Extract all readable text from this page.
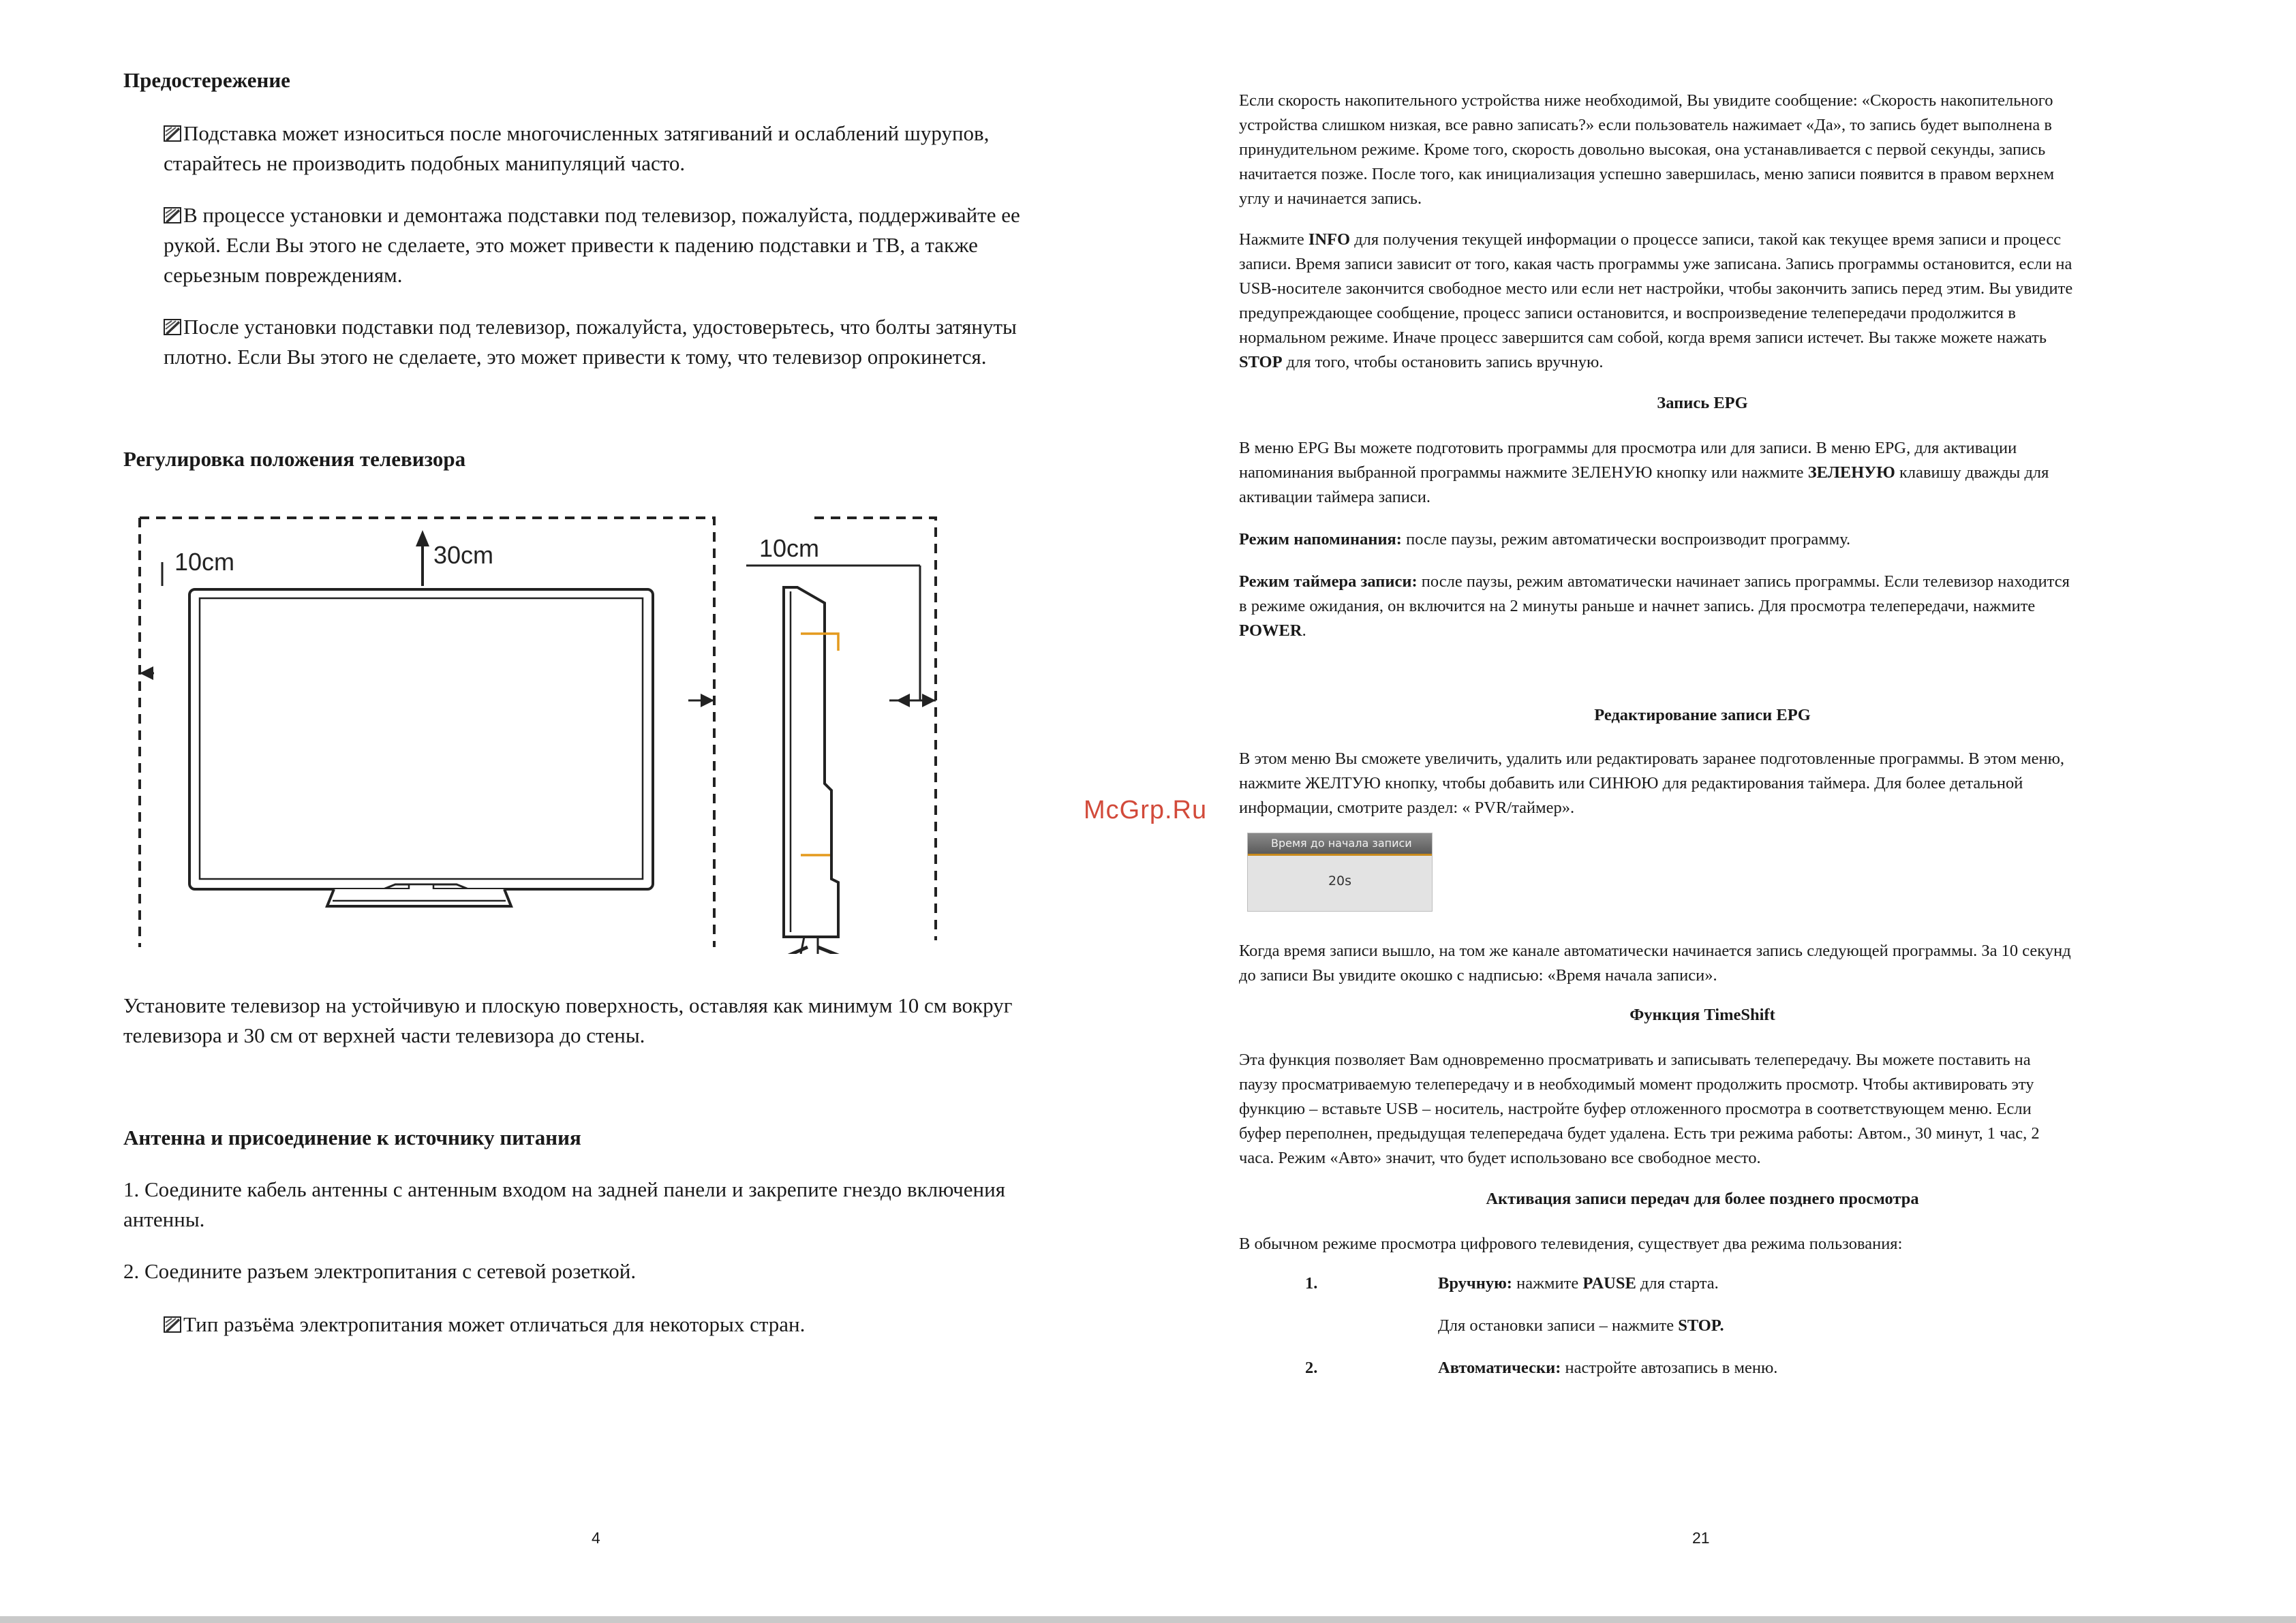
Предостережение
Подставка может износиться после многочисленных затягиваний и ослаблений шурупов,
старайтесь не производить подобных манипуляций часто.
В процессе установки и демонтажа подставки под телевизор, пожалуйста, поддерживайте ее
рукой. Если Вы этого не сделаете, это может привести к падению подставки и ТВ, а также
серьезным повреждениям.
После установки подставки под телевизор, пожалуйста, удостоверьтесь, что болты затянуты
плотно. Если Вы этого не сделаете, это может привести к тому, что телевизор опрокинется.
Регулировка положения телевизора
10cm	30cm	10cm
Установите телевизор на устойчивую и плоскую поверхность, оставляя как минимум 10 см вокруг
телевизора и 30 см от верхней части телевизора до стены.
Антенна и присоединение к источнику питания
1. Соедините кабель антенны с антенным входом на задней панели и закрепите гнездо включения
антенны.
2. Соедините разъем электропитания с сетевой розеткой.
Тип разъёма электропитания может отличаться для некоторых стран.
4
Если скорость накопительного устройства ниже необходимой, Вы увидите сообщение: «Скорость накопительного
устройства слишком низкая, все равно записать?» если пользователь нажимает «Да», то запись будет выполнена в
принудительном режиме. Кроме того, скорость довольно высокая, она устанавливается с первой секунды, запись
начитается позже. После того, как инициализация успешно завершилась, меню записи появится в правом верхнем
углу и начинается запись.
Нажмите INFO для получения текущей информации о процессе записи, такой как текущее время записи и процесс
записи. Время записи зависит от того, какая часть программы уже записана. Запись программы остановится, если на
USB-носителе закончится свободное место или если нет настройки, чтобы закончить запись перед этим. Вы увидите
предупреждающее сообщение, процесс записи остановится, и воспроизведение телепередачи продолжится в
нормальном режиме. Иначе процесс завершится сам собой, когда время записи истечет. Вы также можете нажать
STOP для того, чтобы остановить запись вручную.
Запись EPG
В меню EPG Вы можете подготовить программы для просмотра или для записи. В меню EPG, для активации
напоминания выбранной программы нажмите ЗЕЛЕНУЮ кнопку или нажмите ЗЕЛЕНУЮ клавишу дважды для
активации таймера записи.
Режим напоминания: после паузы, режим автоматически воспроизводит программу.
Режим таймера записи: после паузы, режим автоматически начинает запись программы. Если телевизор находится
в режиме ожидания, он включится на 2 минуты раньше и начнет запись. Для просмотра телепередачи, нажмите
POWER.
Редактирование записи EPG
В этом меню Вы сможете увеличить, удалить или редактировать заранее подготовленные программы. В этом меню,
нажмите ЖЕЛТУЮ кнопку, чтобы добавить или СИНЮЮ для редактирования таймера. Для более детальной
информации, смотрите раздел: « PVR/таймер».
McGrp.Ru
Время до начала записи
20s
Когда время записи вышло, на том же канале автоматически начинается запись следующей программы. За 10 секунд
до записи Вы увидите окошко с надписью: «Время начала записи».
Функция TimeShift
Эта функция позволяет Вам одновременно просматривать и записывать телепередачу. Вы можете поставить на
паузу просматриваемую телепередачу и в необходимый момент продолжить просмотр. Чтобы активировать эту
функцию – вставьте USB – носитель, настройте буфер отложенного просмотра в соответствующем меню. Если
буфер переполнен, предыдущая телепередача будет удалена. Есть три режима работы: Автом., 30 минут, 1 час, 2
часа. Режим «Авто» значит, что будет использовано все свободное место.
Активация записи передач для более позднего просмотра
В обычном режиме просмотра цифрового телевидения, существует два режима пользования:
1.	Вручную: нажмите PAUSE для старта.
Для остановки записи – нажмите STOP.
2.	Автоматически: настройте автозапись в меню.
21
